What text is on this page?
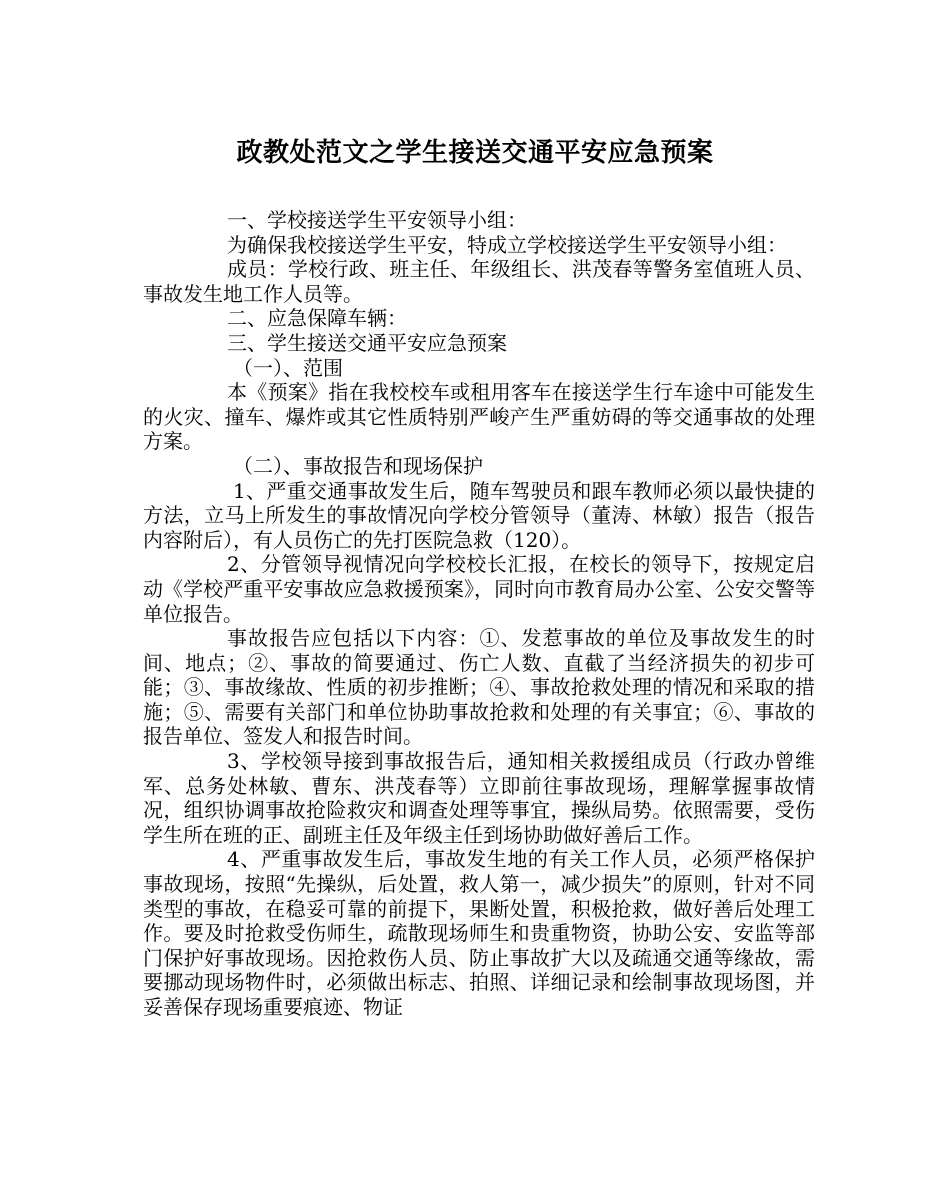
政教处范文之学生接送交通平安应急预案

一、学校接送学生平安领导小组：

为确保我校接送学生平安，特成立学校接送学生平安领导小组：

成员：学校行政、班主任、年级组长、洪茂春等警务室值班人员、事故发生地工作人员等。

二、应急保障车辆：

三、学生接送交通平安应急预案

（一）、范围

本《预案》指在我校校车或租用客车在接送学生行车途中可能发生的火灾、撞车、爆炸或其它性质特别严峻产生严重妨碍的等交通事故的处理方案。

（二）、事故报告和现场保护

1、严重交通事故发生后，随车驾驶员和跟车教师必须以最快捷的方法，立马上所发生的事故情况向学校分管领导（董涛、林敏）报告（报告内容附后），有人员伤亡的先打医院急救（120）。

2、分管领导视情况向学校校长汇报，在校长的领导下，按规定启动《学校严重平安事故应急救援预案》，同时向市教育局办公室、公安交警等单位报告。

事故报告应包括以下内容：①、发惹事故的单位及事故发生的时间、地点；②、事故的简要通过、伤亡人数、直截了当经济损失的初步可能；③、事故缘故、性质的初步推断；④、事故抢救处理的情况和采取的措施；⑤、需要有关部门和单位协助事故抢救和处理的有关事宜；⑥、事故的报告单位、签发人和报告时间。

3、学校领导接到事故报告后，通知相关救援组成员（行政办曾维军、总务处林敏、曹东、洪茂春等）立即前往事故现场，理解掌握事故情况，组织协调事故抢险救灾和调查处理等事宜，操纵局势。依照需要，受伤学生所在班的正、副班主任及年级主任到场协助做好善后工作。

4、严重事故发生后，事故发生地的有关工作人员，必须严格保护事故现场，按照“先操纵，后处置，救人第一，减少损失”的原则，针对不同类型的事故，在稳妥可靠的前提下，果断处置，积极抢救，做好善后处理工作。要及时抢救受伤师生，疏散现场师生和贵重物资，协助公安、安监等部门保护好事故现场。因抢救伤人员、防止事故扩大以及疏通交通等缘故，需要挪动现场物件时，必须做出标志、拍照、详细记录和绘制事故现场图，并妥善保存现场重要痕迹、物证
